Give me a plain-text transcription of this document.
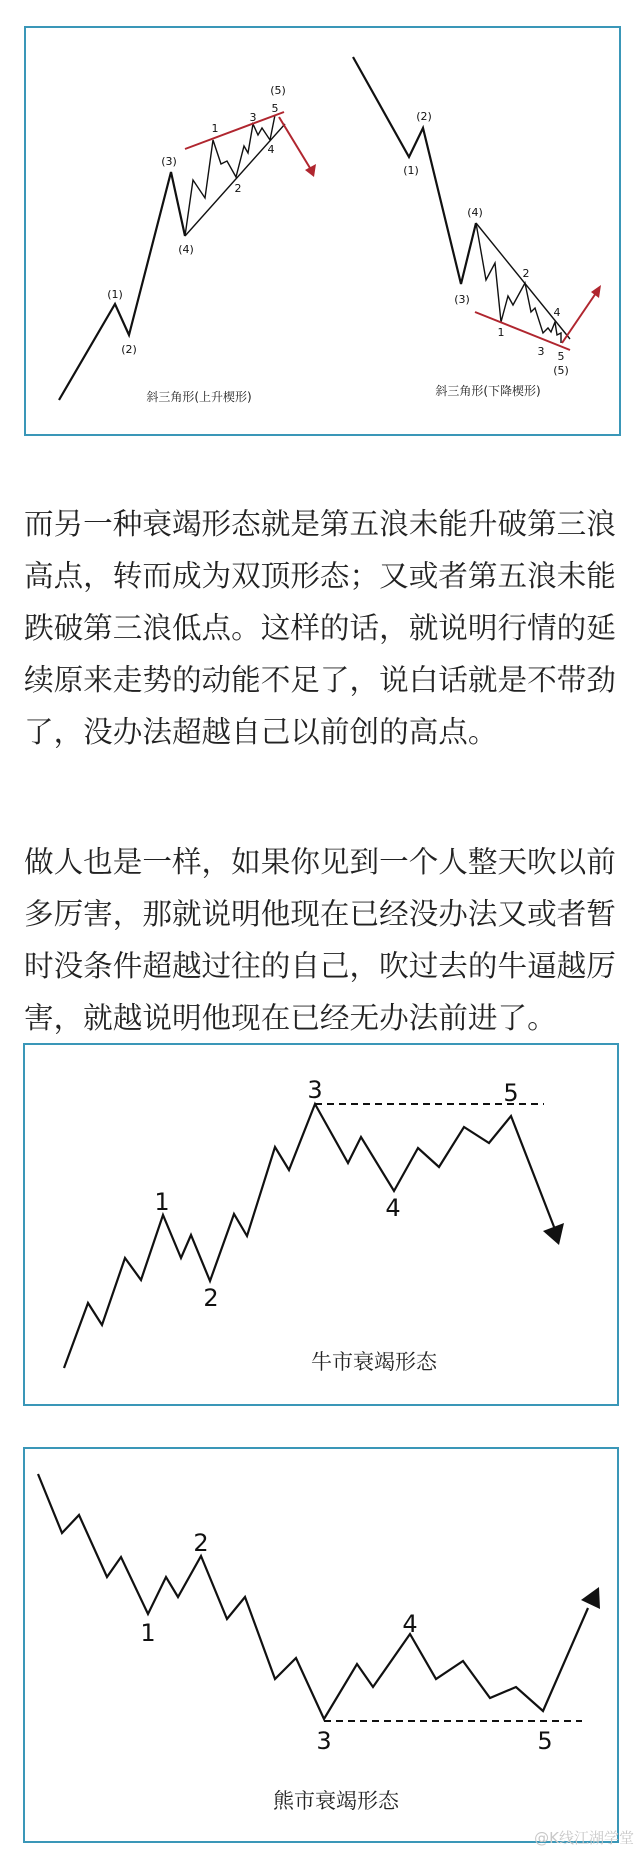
(1)
(2)
(3)
(4)
(5)
1
2
3
4
5
斜三角形(上升楔形)
(1)
(2)
(3)
(4)
(5)
1
2
3
4
5
斜三角形(下降楔形)
1
2
3
4
5
牛市衰竭形态
1
2
3
4
5
熊市衰竭形态
@K线江湖学堂
而另一种衰竭形态就是第五浪未能升破第三浪高点，转而成为双顶形态；又或者第五浪未能跌破第三浪低点。这样的话，就说明行情的延续原来走势的动能不足了，说白话就是不带劲了，没办法超越自己以前创的高点。
做人也是一样，如果你见到一个人整天吹以前多厉害，那就说明他现在已经没办法又或者暂时没条件超越过往的自己，吹过去的牛逼越厉害，就越说明他现在已经无办法前进了。
